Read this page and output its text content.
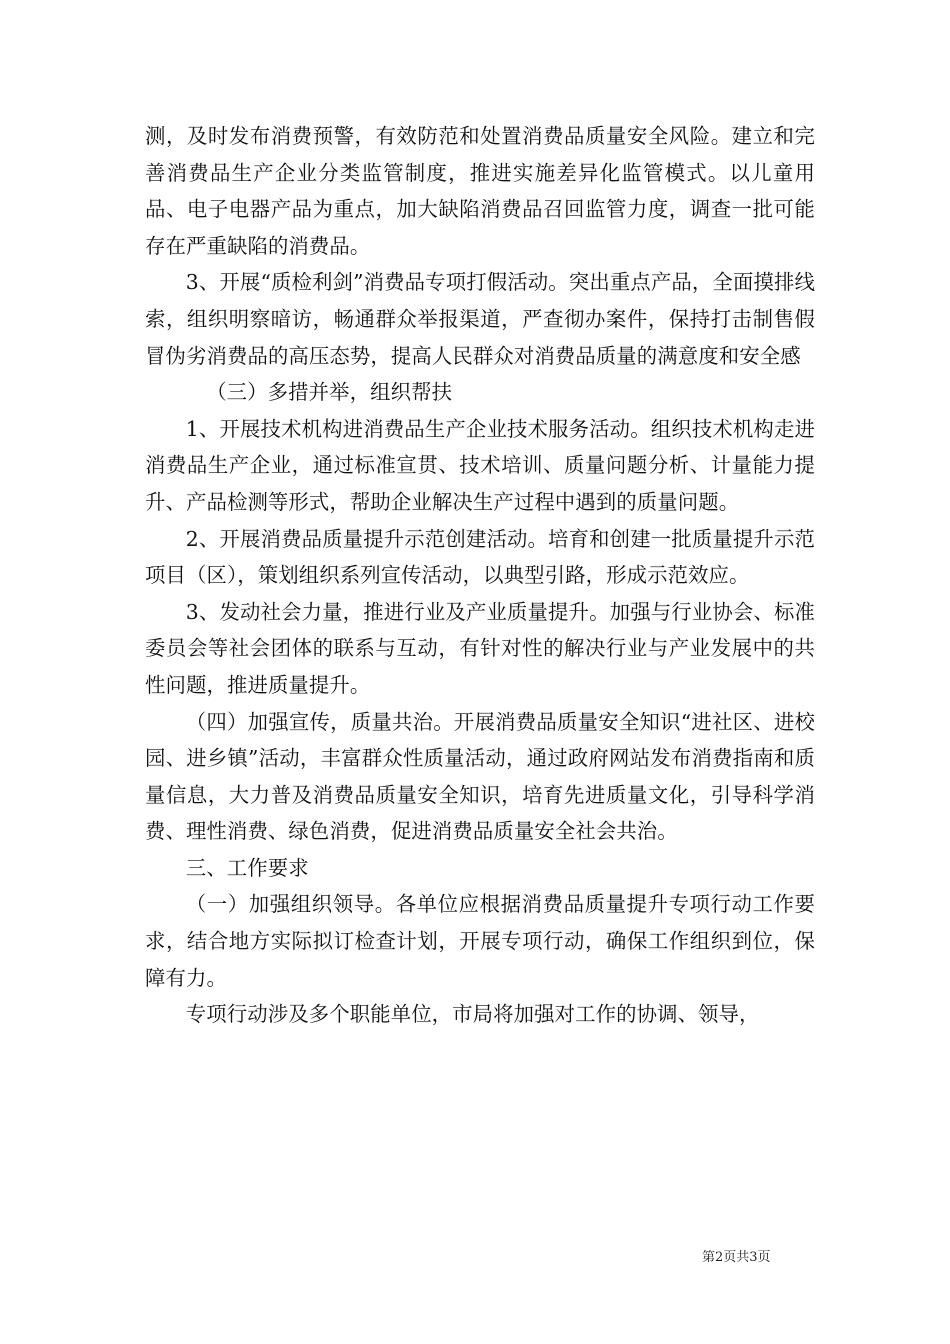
测，及时发布消费预警，有效防范和处置消费品质量安全风险。建立和完善消费品生产企业分类监管制度，推进实施差异化监管模式。以儿童用品、电子电器产品为重点，加大缺陷消费品召回监管力度，调查一批可能存在严重缺陷的消费品。

3、开展“质检利剑”消费品专项打假活动。突出重点产品，全面摸排线索，组织明察暗访，畅通群众举报渠道，严查彻办案件，保持打击制售假冒伪劣消费品的高压态势，提高人民群众对消费品质量的满意度和安全感

（三）多措并举，组织帮扶

1、开展技术机构进消费品生产企业技术服务活动。组织技术机构走进消费品生产企业，通过标准宣贯、技术培训、质量问题分析、计量能力提升、产品检测等形式，帮助企业解决生产过程中遇到的质量问题。

2、开展消费品质量提升示范创建活动。培育和创建一批质量提升示范项目（区），策划组织系列宣传活动，以典型引路，形成示范效应。

3、发动社会力量，推进行业及产业质量提升。加强与行业协会、标准委员会等社会团体的联系与互动，有针对性的解决行业与产业发展中的共性问题，推进质量提升。

（四）加强宣传，质量共治。开展消费品质量安全知识“进社区、进校园、进乡镇”活动，丰富群众性质量活动，通过政府网站发布消费指南和质量信息，大力普及消费品质量安全知识，培育先进质量文化，引导科学消费、理性消费、绿色消费，促进消费品质量安全社会共治。

三、工作要求

（一）加强组织领导。各单位应根据消费品质量提升专项行动工作要求，结合地方实际拟订检查计划，开展专项行动，确保工作组织到位，保障有力。

专项行动涉及多个职能单位，市局将加强对工作的协调、领导，

第2页共3页
